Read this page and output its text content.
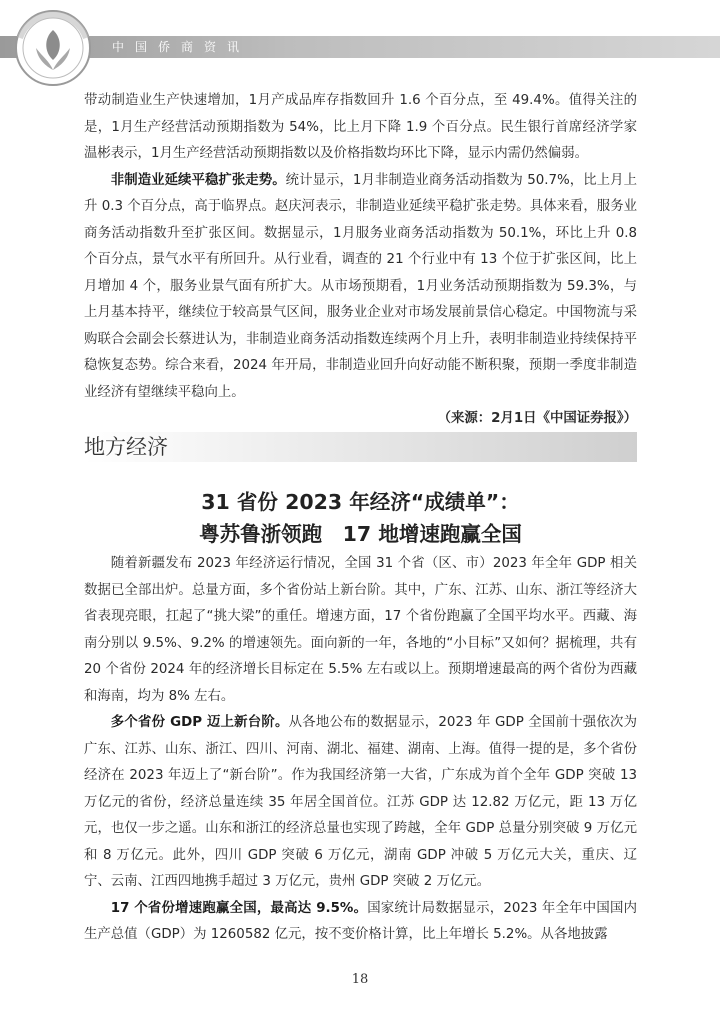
中国侨商资讯

带动制造业生产快速增加，1月产成品库存指数回升 1.6 个百分点，至 49.4%。值得关注的是，1月生产经营活动预期指数为 54%，比上月下降 1.9 个百分点。民生银行首席经济学家温彬表示，1月生产经营活动预期指数以及价格指数均环比下降，显示内需仍然偏弱。

非制造业延续平稳扩张走势。统计显示，1月非制造业商务活动指数为 50.7%，比上月上升 0.3 个百分点，高于临界点。赵庆河表示，非制造业延续平稳扩张走势。具体来看，服务业商务活动指数升至扩张区间。数据显示，1月服务业商务活动指数为 50.1%，环比上升 0.8 个百分点，景气水平有所回升。从行业看，调查的 21 个行业中有 13 个位于扩张区间，比上月增加 4 个，服务业景气面有所扩大。从市场预期看，1月业务活动预期指数为 59.3%，与上月基本持平，继续位于较高景气区间，服务业企业对市场发展前景信心稳定。中国物流与采购联合会副会长蔡进认为，非制造业商务活动指数连续两个月上升，表明非制造业持续保持平稳恢复态势。综合来看，2024 年开局，非制造业回升向好动能不断积聚，预期一季度非制造业经济有望继续平稳向上。
（来源：2月1日《中国证券报》）

地方经济
31 省份 2023 年经济“成绩单”：
粤苏鲁浙领跑　17 地增速跑赢全国

随着新疆发布 2023 年经济运行情况，全国 31 个省（区、市）2023 年全年 GDP 相关数据已全部出炉。总量方面，多个省份站上新台阶。其中，广东、江苏、山东、浙江等经济大省表现亮眼，扛起了“挑大梁”的重任。增速方面，17 个省份跑赢了全国平均水平。西藏、海南分别以 9.5%、9.2% 的增速领先。面向新的一年，各地的“小目标”又如何？据梳理，共有 20 个省份 2024 年的经济增长目标定在 5.5% 左右或以上。预期增速最高的两个省份为西藏和海南，均为 8% 左右。

多个省份 GDP 迈上新台阶。从各地公布的数据显示，2023 年 GDP 全国前十强依次为广东、江苏、山东、浙江、四川、河南、湖北、福建、湖南、上海。值得一提的是，多个省份经济在 2023 年迈上了“新台阶”。作为我国经济第一大省，广东成为首个全年 GDP 突破 13 万亿元的省份，经济总量连续 35 年居全国首位。江苏 GDP 达 12.82 万亿元，距 13 万亿元，也仅一步之遥。山东和浙江的经济总量也实现了跨越，全年 GDP 总量分别突破 9 万亿元和 8 万亿元。此外，四川 GDP 突破 6 万亿元，湖南 GDP 冲破 5 万亿元大关，重庆、辽宁、云南、江西四地携手超过 3 万亿元，贵州 GDP 突破 2 万亿元。

17 个省份增速跑赢全国，最高达 9.5%。国家统计局数据显示，2023 年全年中国国内生产总值（GDP）为 1260582 亿元，按不变价格计算，比上年增长 5.2%。从各地披露

18
